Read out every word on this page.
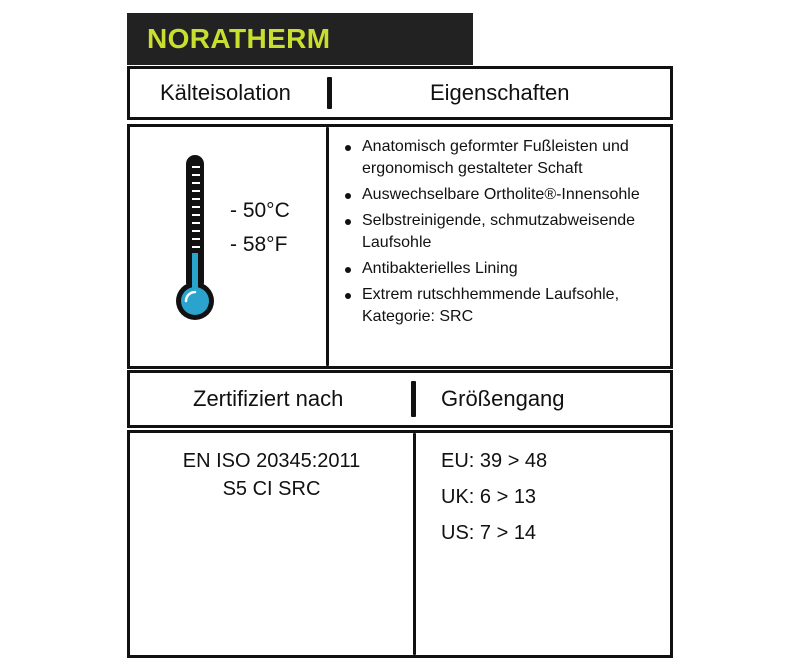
NORATHERM
Kälteisolation	Eigenschaften
- 50°C
- 58°F
Anatomisch geformter Fußleisten und ergonomisch gestalteter Schaft
Auswechselbare Ortholite®-Innensohle
Selbstreinigende, schmutzabweisende Laufsohle
Antibakterielles Lining
Extrem rutschhemmende Laufsohle, Kategorie: SRC
Zertifiziert nach	Größengang
EN ISO 20345:2011
S5 CI SRC
EU: 39 > 48
UK: 6 > 13
US: 7 > 14
